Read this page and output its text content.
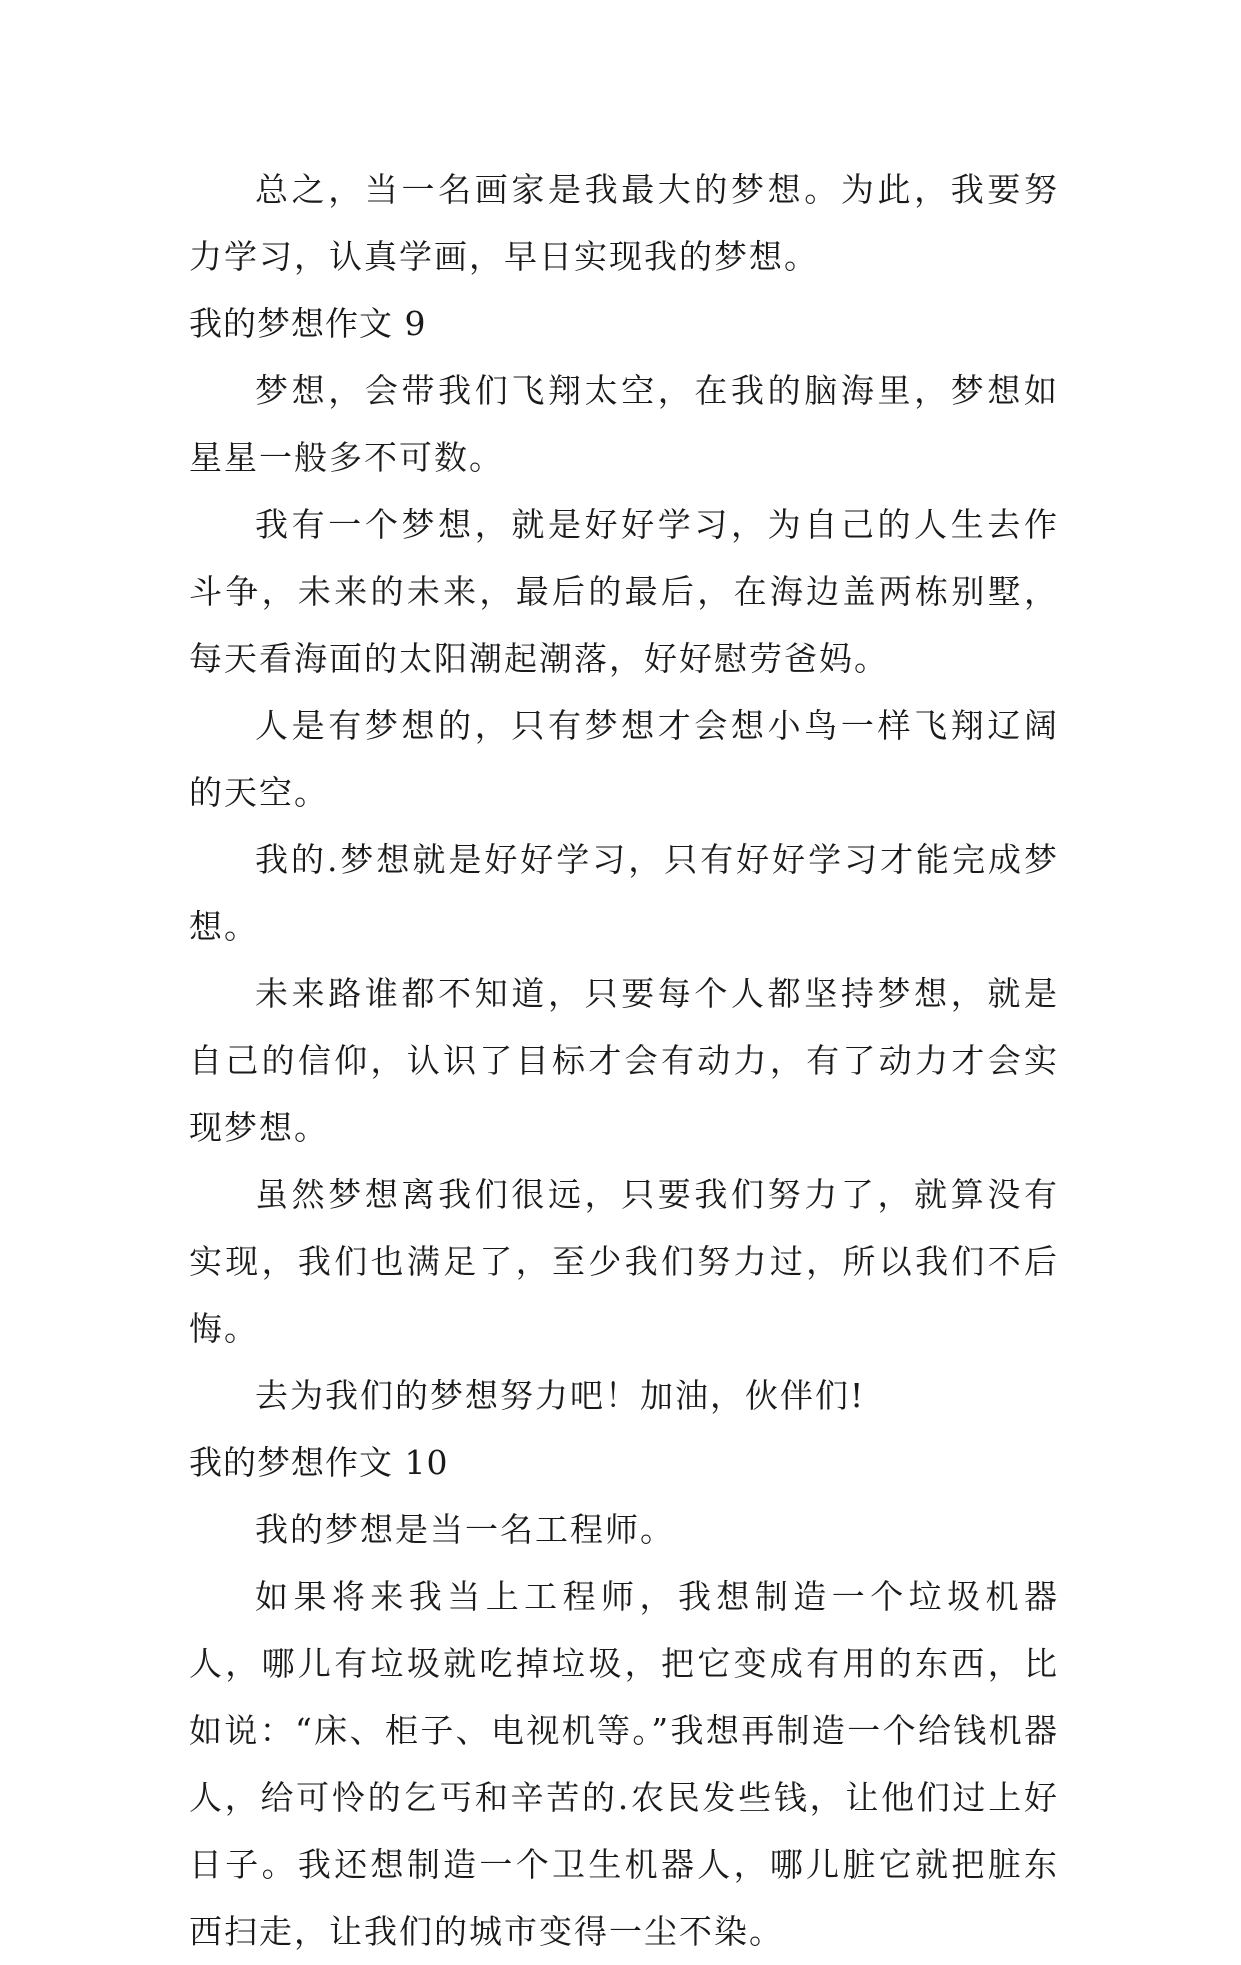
总之，当一名画家是我最大的梦想。为此，我要努力学习，认真学画，早日实现我的梦想。

我的梦想作文 9

梦想，会带我们飞翔太空，在我的脑海里，梦想如星星一般多不可数。

我有一个梦想，就是好好学习，为自己的人生去作斗争，未来的未来，最后的最后，在海边盖两栋别墅，每天看海面的太阳潮起潮落，好好慰劳爸妈。

人是有梦想的，只有梦想才会想小鸟一样飞翔辽阔的天空。

我的.梦想就是好好学习，只有好好学习才能完成梦想。

未来路谁都不知道，只要每个人都坚持梦想，就是自己的信仰，认识了目标才会有动力，有了动力才会实现梦想。

虽然梦想离我们很远，只要我们努力了，就算没有实现，我们也满足了，至少我们努力过，所以我们不后悔。

去为我们的梦想努力吧！加油，伙伴们!

我的梦想作文 10

我的梦想是当一名工程师。

如果将来我当上工程师，我想制造一个垃圾机器人，哪儿有垃圾就吃掉垃圾，把它变成有用的东西，比如说：“床、柜子、电视机等。”我想再制造一个给钱机器人，给可怜的乞丐和辛苦的.农民发些钱，让他们过上好日子。我还想制造一个卫生机器人，哪儿脏它就把脏东西扫走，让我们的城市变得一尘不染。
